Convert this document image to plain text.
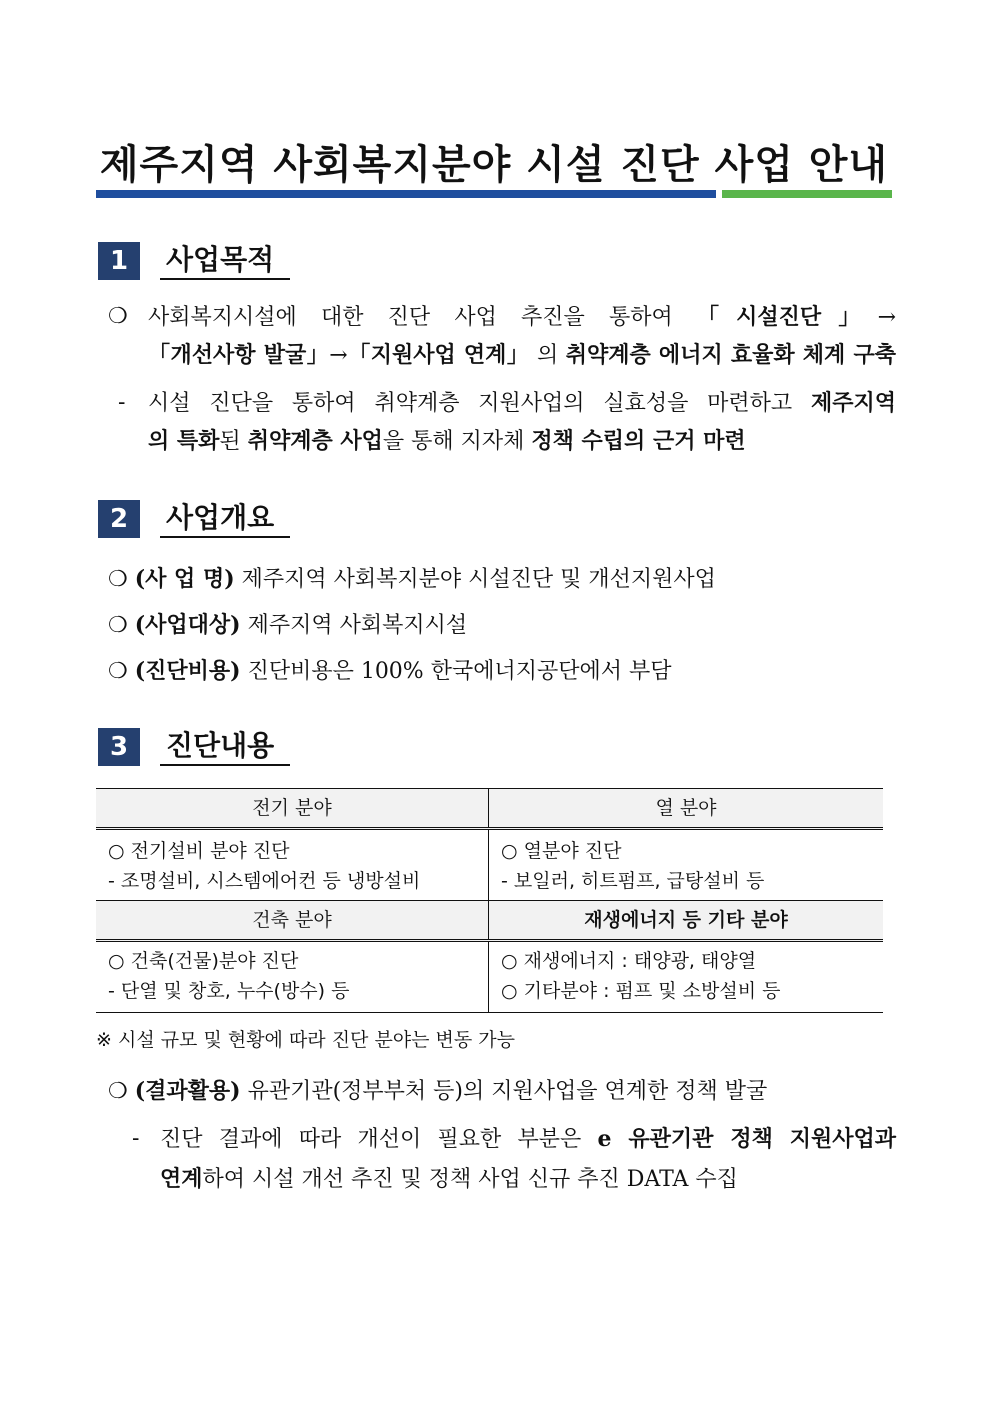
제주지역 사회복지분야 시설 진단 사업 안내
1	사업목적
❍ 사회복지시설에 대한 진단 사업 추진을 통하여 「시설진단」→
「개선사항 발굴」→「지원사업 연계」 의 취약계층 에너지 효율화 체계 구축
- 시설 진단을 통하여 취약계층 지원사업의 실효성을 마련하고 제주지역
의 특화된 취약계층 사업을 통해 지자체 정책 수립의 근거 마련
2	사업개요
❍ (사 업 명) 제주지역 사회복지분야 시설진단 및 개선지원사업
❍ (사업대상) 제주지역 사회복지시설
❍ (진단비용) 진단비용은 100% 한국에너지공단에서 부담
3	진단내용
전기 분야	열 분야

○ 전기설비 분야 진단
- 조명설비, 시스템에어컨 등 냉방설비	○ 열분야 진단
- 보일러, 히트펌프, 급탕설비 등

건축 분야	재생에너지 등 기타 분야

○ 건축(건물)분야 진단
- 단열 및 창호, 누수(방수) 등	○ 재생에너지 : 태양광, 태양열
○ 기타분야 : 펌프 및 소방설비 등
※ 시설 규모 및 현황에 따라 진단 분야는 변동 가능
❍ (결과활용) 유관기관(정부부처 등)의 지원사업을 연계한 정책 발굴
- 진단 결과에 따라 개선이 필요한 부분은 e 유관기관 정책 지원사업과
연계하여 시설 개선 추진 및 정책 사업 신규 추진 DATA 수집
